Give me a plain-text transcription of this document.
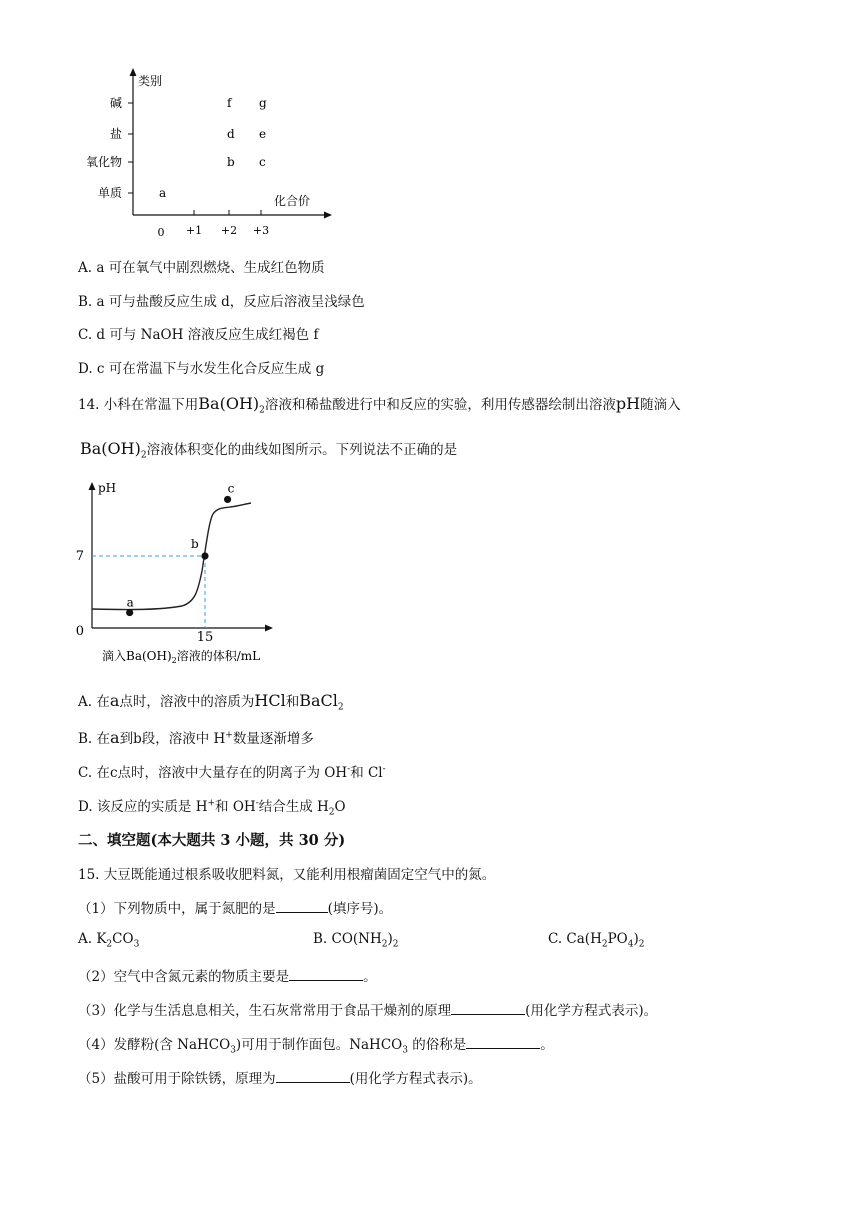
类别
化合价
碱
盐
氧化物
单质
0 +1 +2 +3
a
b c
d e
f g
A. a 可在氧气中剧烈燃烧、生成红色物质
B. a 可与盐酸反应生成 d，反应后溶液呈浅绿色
C. d 可与 NaOH 溶液反应生成红褐色 f
D. c 可在常温下与水发生化合反应生成 g
14. 小科在常温下用$Ba(OH)_2$溶液和稀盐酸进行中和反应的实验，利用传感器绘制出溶液pH随滴入
$Ba(OH)_2$溶液体积变化的曲线如图所示。下列说法不正确的是
pH
0
7
15
滴入$Ba(OH)_2$溶液的体积/mL
a
b
c
A. 在a点时，溶液中的溶质为HCl和BaCl$_2$
B. 在a到b段，溶液中 H+数量逐渐增多
C. 在c点时，溶液中大量存在的阴离子为 OH-和 Cl-
D. 该反应的实质是 H+和 OH-结合生成 $H_2O$
二、填空题(本大题共 3 小题，共 30 分)
15. 大豆既能通过根系吸收肥料氮，又能利用根瘤菌固定空气中的氮。
（1）下列物质中，属于氮肥的是	(填序号)。
A. $K_2CO_3$	B. $CO(NH_2)_2$	C. $Ca(H_2PO_4)_2$
（2）空气中含氮元素的物质主要是	。
（3）化学与生活息息相关，生石灰常常用于食品干燥剂的原理	(用化学方程式表示)。
（4）发酵粉(含 NaHCO$_3$)可用于制作面包。NaHCO$_3$ 的俗称是	。
（5）盐酸可用于除铁锈，原理为	(用化学方程式表示)。
